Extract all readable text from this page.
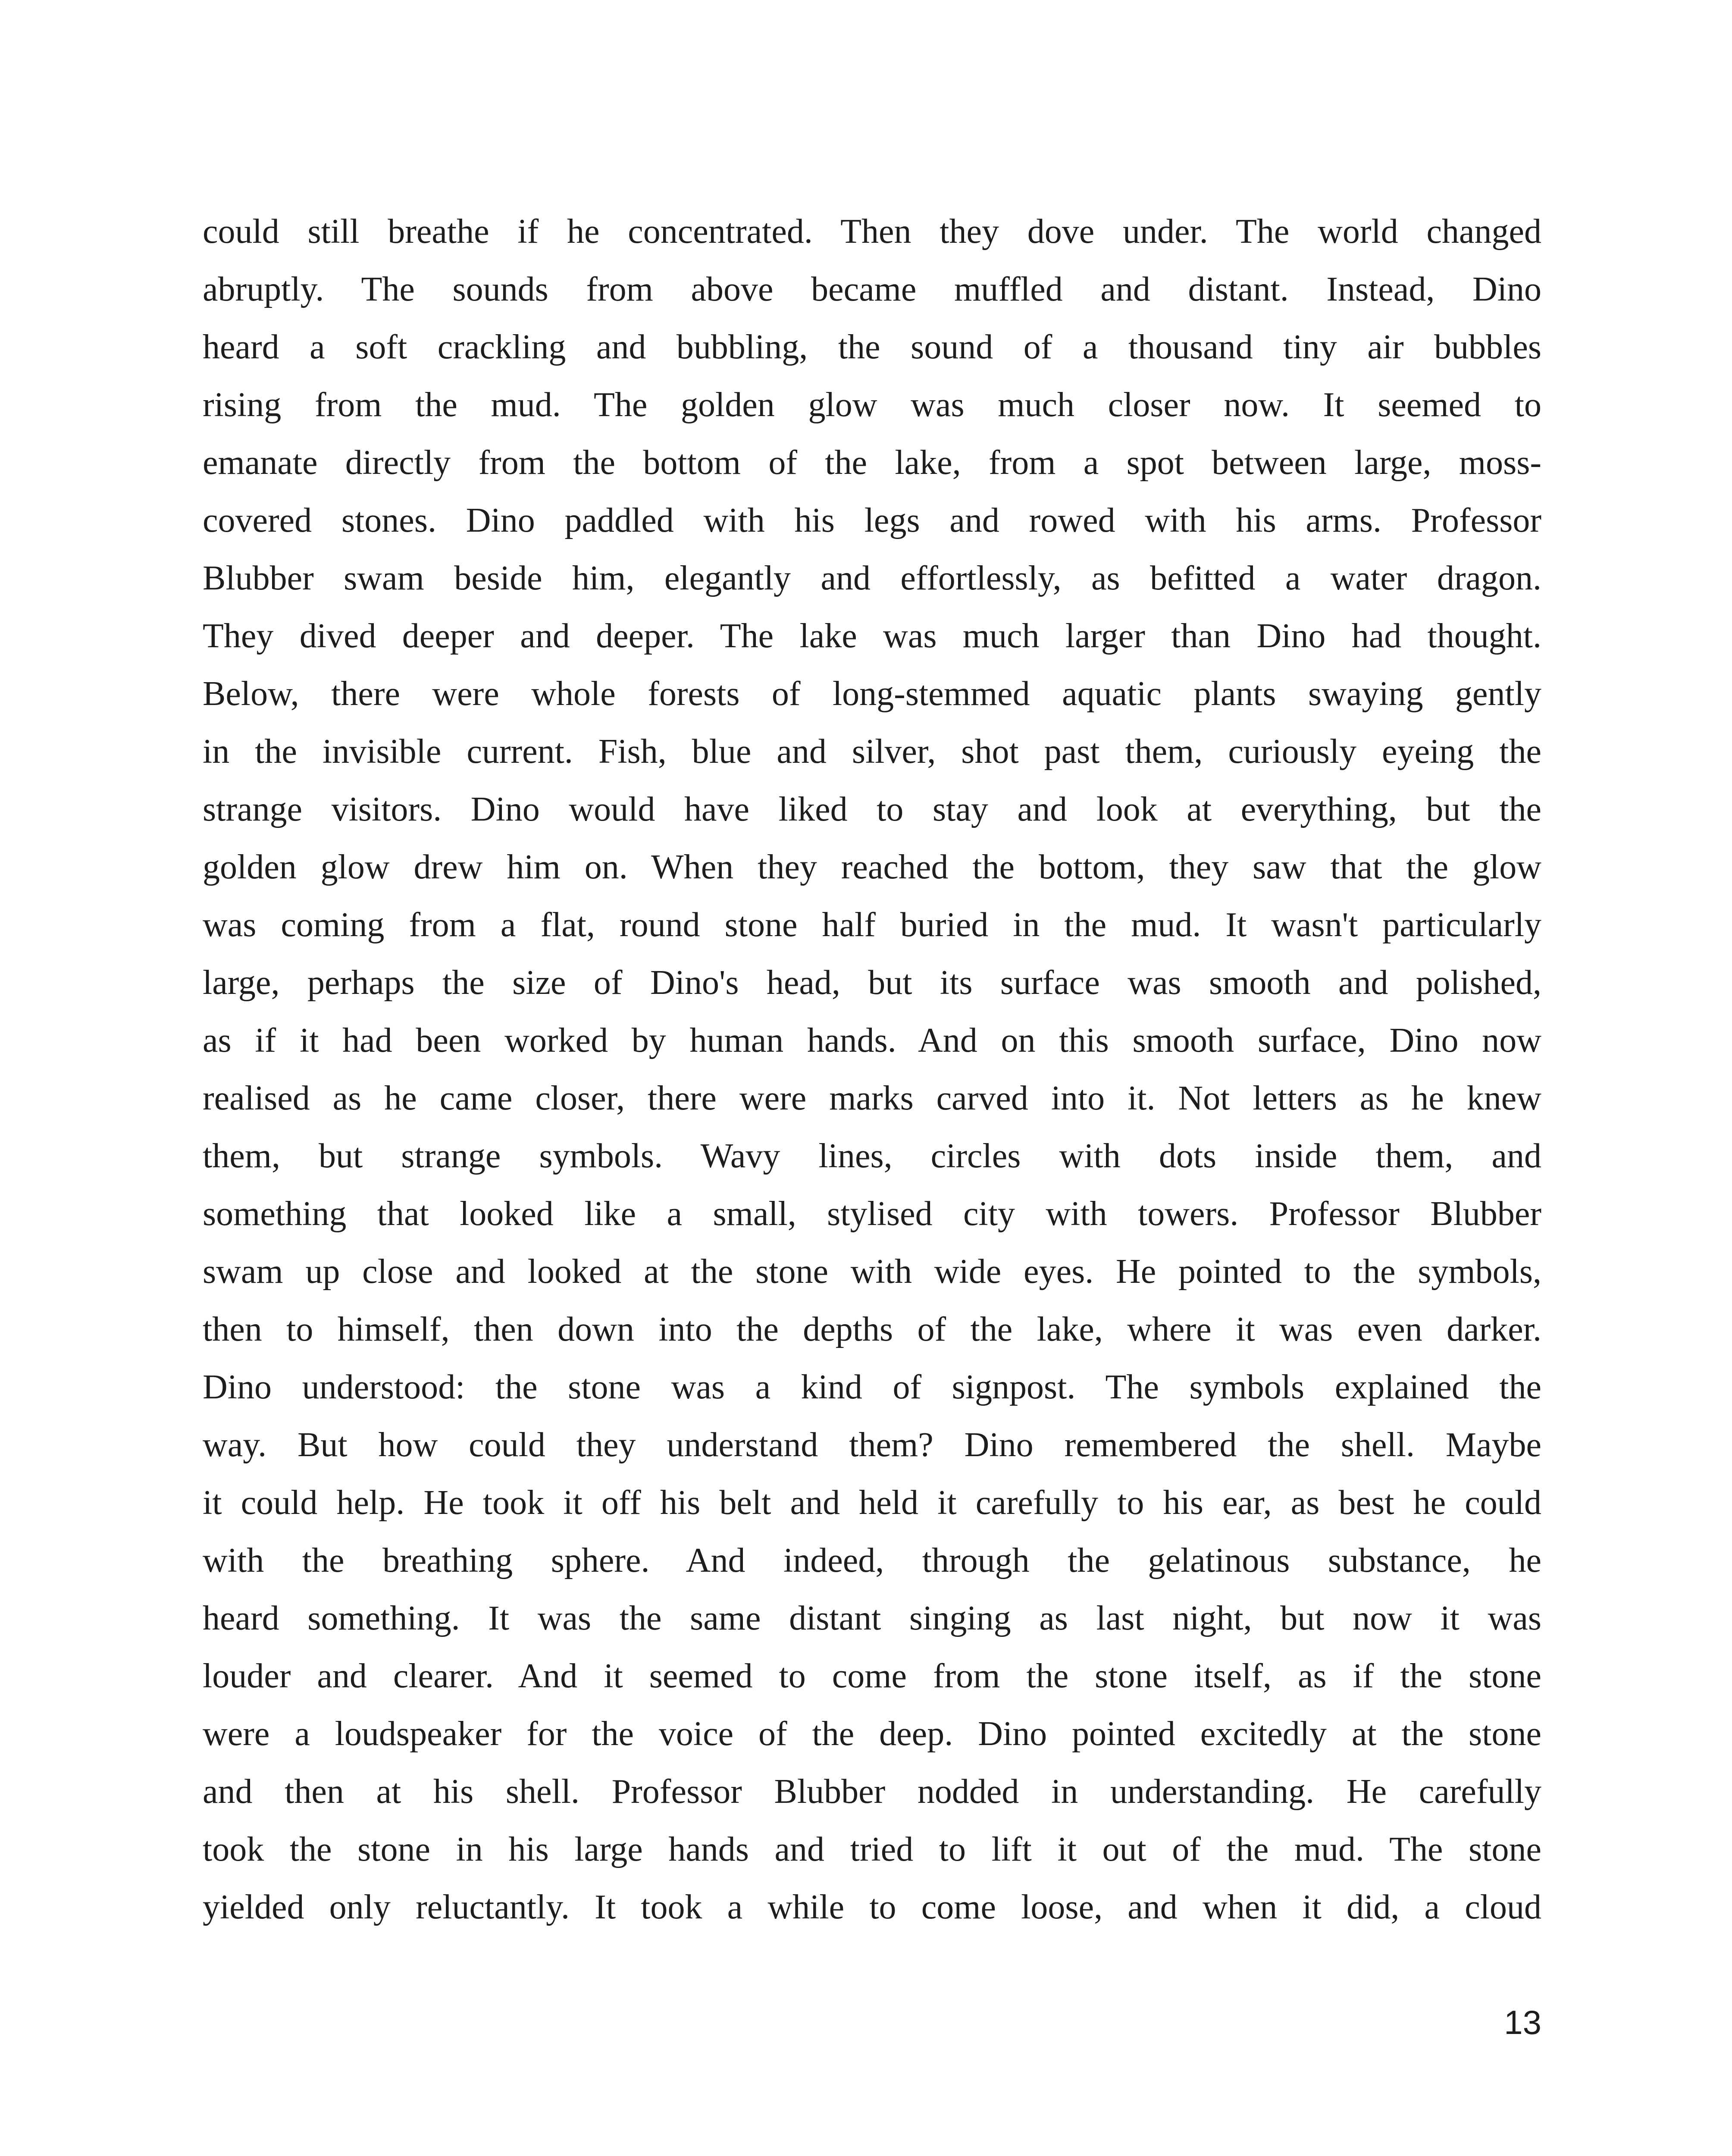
could still breathe if he concentrated. Then they dove under. The world changed
abruptly. The sounds from above became muffled and distant. Instead, Dino
heard a soft crackling and bubbling, the sound of a thousand tiny air bubbles
rising from the mud. The golden glow was much closer now. It seemed to
emanate directly from the bottom of the lake, from a spot between large, moss-
covered stones. Dino paddled with his legs and rowed with his arms. Professor
Blubber swam beside him, elegantly and effortlessly, as befitted a water dragon.
They dived deeper and deeper. The lake was much larger than Dino had thought.
Below, there were whole forests of long-stemmed aquatic plants swaying gently
in the invisible current. Fish, blue and silver, shot past them, curiously eyeing the
strange visitors. Dino would have liked to stay and look at everything, but the
golden glow drew him on. When they reached the bottom, they saw that the glow
was coming from a flat, round stone half buried in the mud. It wasn't particularly
large, perhaps the size of Dino's head, but its surface was smooth and polished,
as if it had been worked by human hands. And on this smooth surface, Dino now
realised as he came closer, there were marks carved into it. Not letters as he knew
them, but strange symbols. Wavy lines, circles with dots inside them, and
something that looked like a small, stylised city with towers. Professor Blubber
swam up close and looked at the stone with wide eyes. He pointed to the symbols,
then to himself, then down into the depths of the lake, where it was even darker.
Dino understood: the stone was a kind of signpost. The symbols explained the
way. But how could they understand them? Dino remembered the shell. Maybe
it could help. He took it off his belt and held it carefully to his ear, as best he could
with the breathing sphere. And indeed, through the gelatinous substance, he
heard something. It was the same distant singing as last night, but now it was
louder and clearer. And it seemed to come from the stone itself, as if the stone
were a loudspeaker for the voice of the deep. Dino pointed excitedly at the stone
and then at his shell. Professor Blubber nodded in understanding. He carefully
took the stone in his large hands and tried to lift it out of the mud. The stone
yielded only reluctantly. It took a while to come loose, and when it did, a cloud
13
